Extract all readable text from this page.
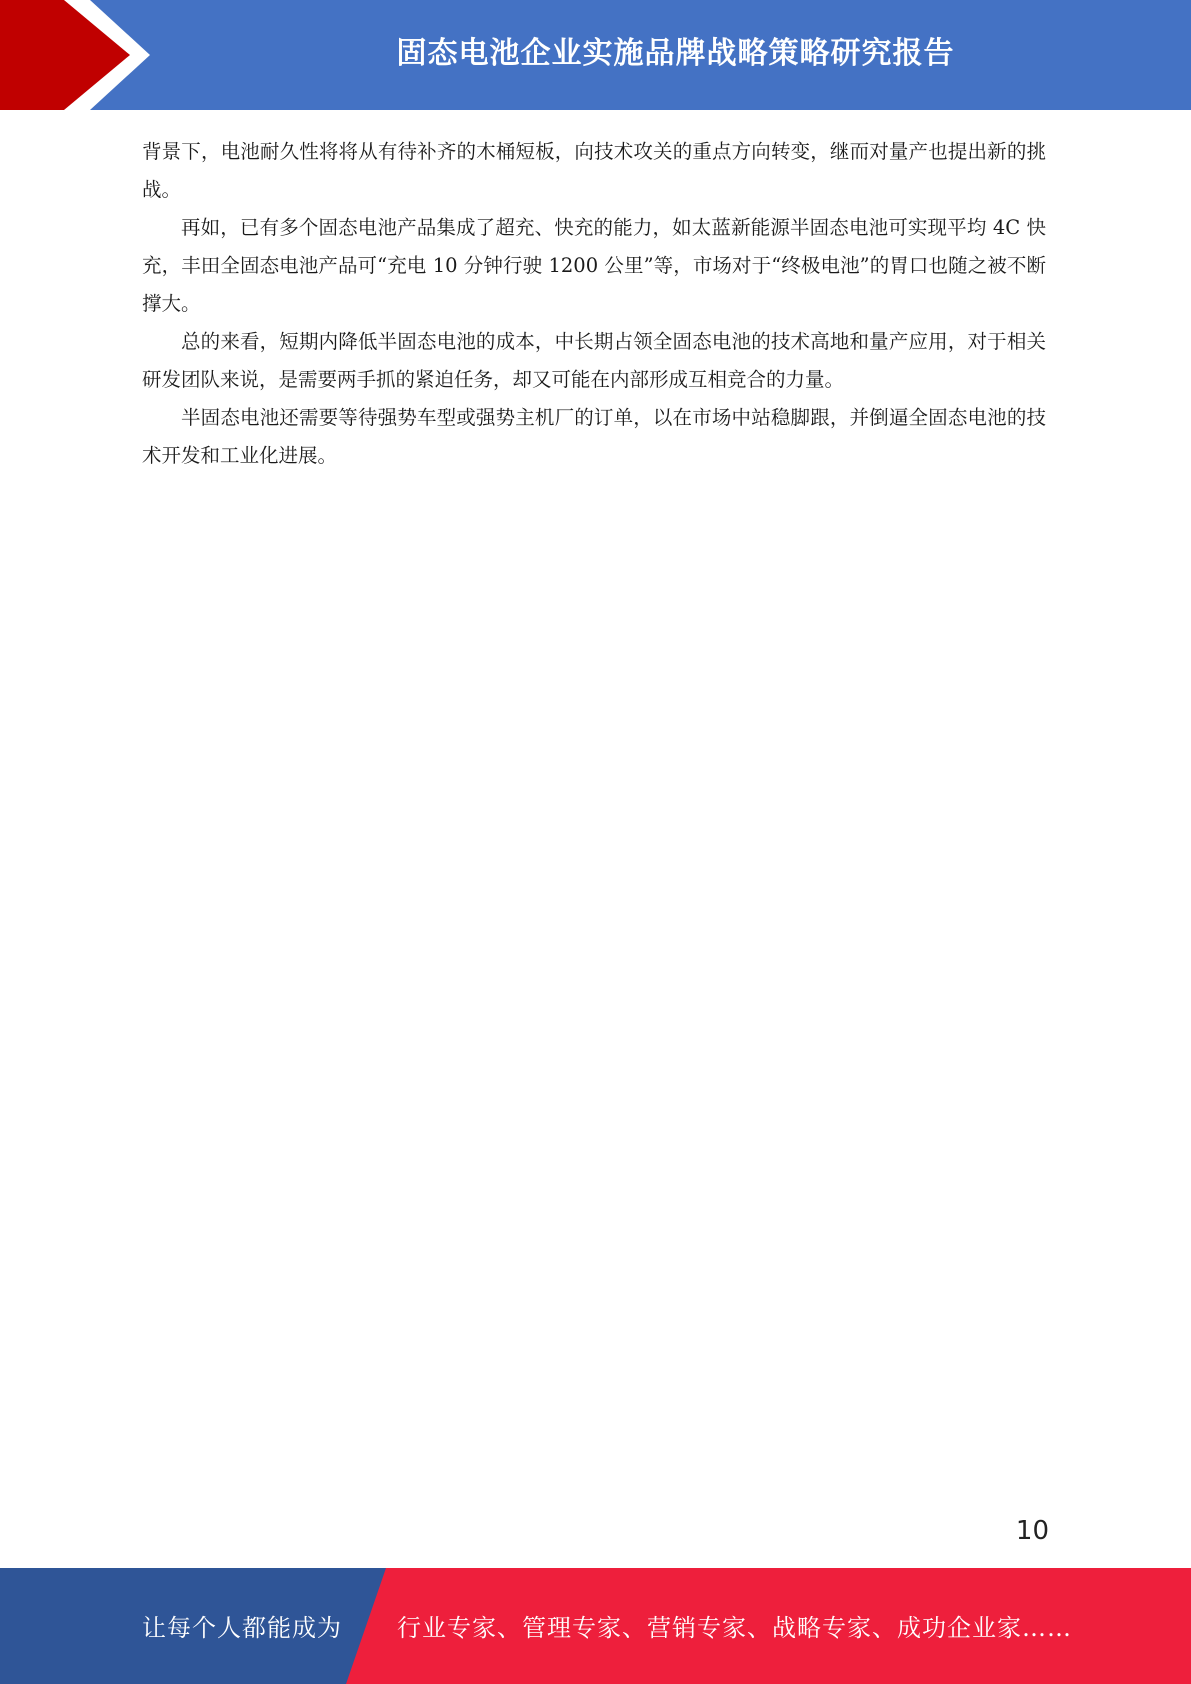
固态电池企业实施品牌战略策略研究报告

背景下，电池耐久性将将从有待补齐的木桶短板，向技术攻关的重点方向转变，继而对量产也提出新的挑战。

再如，已有多个固态电池产品集成了超充、快充的能力，如太蓝新能源半固态电池可实现平均 4C 快充，丰田全固态电池产品可“充电 10 分钟行驶 1200 公里”等，市场对于“终极电池”的胃口也随之被不断撑大。

总的来看，短期内降低半固态电池的成本，中长期占领全固态电池的技术高地和量产应用，对于相关研发团队来说，是需要两手抓的紧迫任务，却又可能在内部形成互相竞合的力量。

半固态电池还需要等待强势车型或强势主机厂的订单，以在市场中站稳脚跟，并倒逼全固态电池的技术开发和工业化进展。

10
让每个人都能成为 行业专家、管理专家、营销专家、战略专家、成功企业家……
